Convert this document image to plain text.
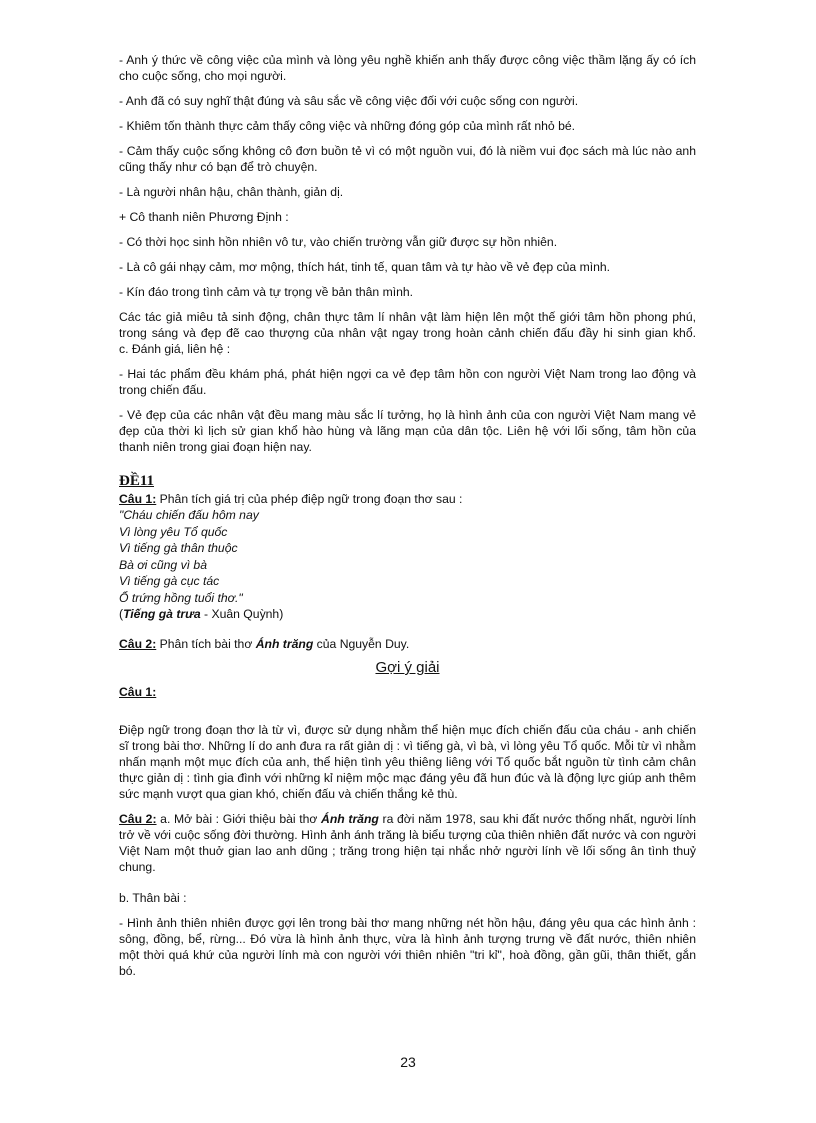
- Anh ý thức về công việc của mình và lòng yêu nghề khiến anh thấy được công việc thầm lặng ấy có ích cho cuộc sống, cho mọi người.

- Anh đã có suy nghĩ thật đúng và sâu sắc về công việc đối với cuộc sống con người.

- Khiêm tốn thành thực cảm thấy công việc và những đóng góp của mình rất nhỏ bé.

- Cảm thấy cuộc sống không cô đơn buồn tẻ vì có một nguồn vui, đó là niềm vui đọc sách mà lúc nào anh cũng thấy như có bạn để trò chuyện.

- Là người nhân hậu, chân thành, giản dị.

+ Cô thanh niên Phương Định :

- Có thời học sinh hồn nhiên vô tư, vào chiến trường vẫn giữ được sự hồn nhiên.

- Là cô gái nhạy cảm, mơ mộng, thích hát, tinh tế, quan tâm và tự hào về vẻ đẹp của mình.

- Kín đáo trong tình cảm và tự trọng về bản thân mình.

Các tác giả miêu tả sinh động, chân thực tâm lí nhân vật làm hiện lên một thế giới tâm hồn phong phú, trong sáng và đẹp đẽ cao thượng của nhân vật ngay trong hoàn cảnh chiến đấu đầy hi sinh gian khổ.

c. Đánh giá, liên hệ :

- Hai tác phẩm đều khám phá, phát hiện ngợi ca vẻ đẹp tâm hồn con người Việt Nam trong lao động và trong chiến đấu.

- Vẻ đẹp của các nhân vật đều mang màu sắc lí tưởng, họ là hình ảnh của con người Việt Nam mang vẻ đẹp của thời kì lịch sử gian khổ hào hùng và lãng mạn của dân tộc. Liên hệ với lối sống, tâm hồn của thanh niên trong giai đoạn hiện nay.

ĐỀ11

Câu 1: Phân tích giá trị của phép điệp ngữ trong đoạn thơ sau :

"Cháu chiến đấu hôm nay

Vì lòng yêu Tổ quốc

Vì tiếng gà thân thuộc

Bà ơi cũng vì bà

Vì tiếng gà cục tác

Ổ trứng hồng tuổi thơ."

(Tiếng gà trưa - Xuân Quỳnh)

Câu 2: Phân tích bài thơ Ánh trăng của Nguyễn Duy.

Gợi ý giải

Câu 1:

Điệp ngữ trong đoạn thơ là từ vì, được sử dụng nhằm thể hiện mục đích chiến đấu của cháu - anh chiến sĩ trong bài thơ. Những lí do anh đưa ra rất giản dị : vì tiếng gà, vì bà, vì lòng yêu Tổ quốc. Mỗi từ vì nhằm nhấn mạnh một mục đích của anh, thể hiện tình yêu thiêng liêng với Tổ quốc bắt nguồn từ tình cảm chân thực giản dị : tình gia đình với những kỉ niệm mộc mạc đáng yêu đã hun đúc và là động lực giúp anh thêm sức mạnh vượt qua gian khó, chiến đấu và chiến thắng kẻ thù.

Câu 2: a. Mở bài : Giới thiệu bài thơ Ánh trăng ra đời năm 1978, sau khi đất nước thống nhất, người lính trở về với cuộc sống đời thường. Hình ảnh ánh trăng là biểu tượng của thiên nhiên đất nước và con người Việt Nam một thuở gian lao anh dũng ; trăng trong hiện tại nhắc nhở người lính về lối sống ân tình thuỷ chung.

b. Thân bài :

- Hình ảnh thiên nhiên được gợi lên trong bài thơ mang những nét hồn hậu, đáng yêu qua các hình ảnh : sông, đồng, bể, rừng... Đó vừa là hình ảnh thực, vừa là hình ảnh tượng trưng về đất nước, thiên nhiên một thời quá khứ của người lính mà con người với thiên nhiên "tri kỉ", hoà đồng, gần gũi, thân thiết, gắn bó.

23
